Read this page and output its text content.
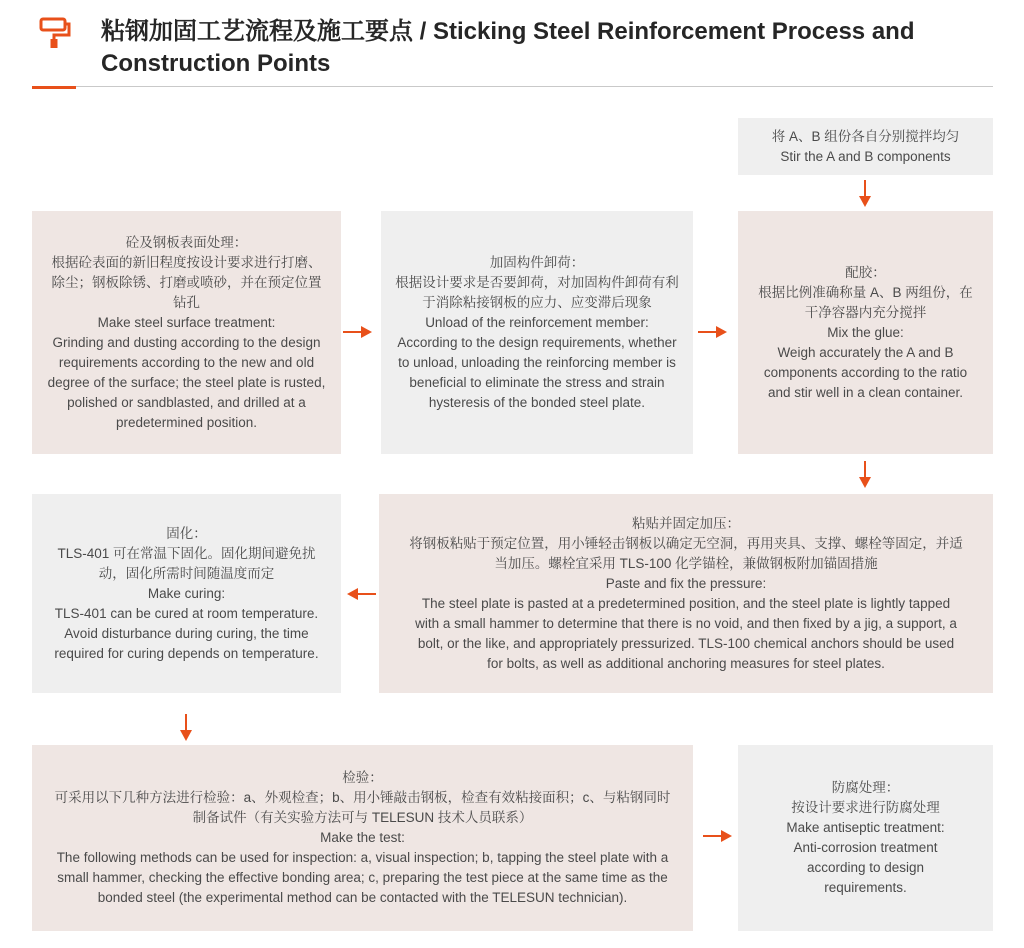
粘钢加固工艺流程及施工要点 / Sticking Steel Reinforcement Process and Construction Points

将 A、B 组份各自分别搅拌均匀

Stir the A and B components

砼及钢板表面处理：

根据砼表面的新旧程度按设计要求进行打磨、除尘；钢板除锈、打磨或喷砂，并在预定位置钻孔

Make steel surface treatment:

Grinding and dusting according to the design requirements according to the new and old degree of the surface; the steel plate is rusted, polished or sandblasted, and drilled at a predetermined position.

加固构件卸荷：

根据设计要求是否要卸荷，对加固构件卸荷有利于消除粘接钢板的应力、应变滞后现象

Unload of the reinforcement member:

According to the design requirements, whether to unload, unloading the reinforcing member is beneficial to eliminate the stress and strain hysteresis of the bonded steel plate.

配胶：

根据比例准确称量 A、B 两组份，在干净容器内充分搅拌

Mix the glue:

Weigh accurately the A and B components according to the ratio and stir well in a clean container.

固化：

TLS-401 可在常温下固化。固化期间避免扰动，固化所需时间随温度而定

Make curing:

TLS-401 can be cured at room temperature. Avoid disturbance during curing, the time required for curing depends on temperature.

粘贴并固定加压：

将钢板粘贴于预定位置，用小锤轻击钢板以确定无空洞，再用夹具、支撑、螺栓等固定，并适当加压。螺栓宜采用 TLS-100 化学锚栓，兼做钢板附加锚固措施

Paste and fix the pressure:

The steel plate is pasted at a predetermined position, and the steel plate is lightly tapped with a small hammer to determine that there is no void, and then fixed by a jig, a support, a bolt, or the like, and appropriately pressurized. TLS-100 chemical anchors should be used for bolts, as well as additional anchoring measures for steel plates.

检验：

可采用以下几种方法进行检验：a、外观检查；b、用小锤敲击钢板，检查有效粘接面积；c、与粘钢同时制备试件（有关实验方法可与 TELESUN 技术人员联系）

Make the test:

The following methods can be used for inspection: a, visual inspection; b, tapping the steel plate with a small hammer, checking the effective bonding area; c, preparing the test piece at the same time as the bonded steel (the experimental method can be contacted with the TELESUN technician).

防腐处理：

按设计要求进行防腐处理

Make antiseptic treatment:

Anti-corrosion treatment according to design requirements.
